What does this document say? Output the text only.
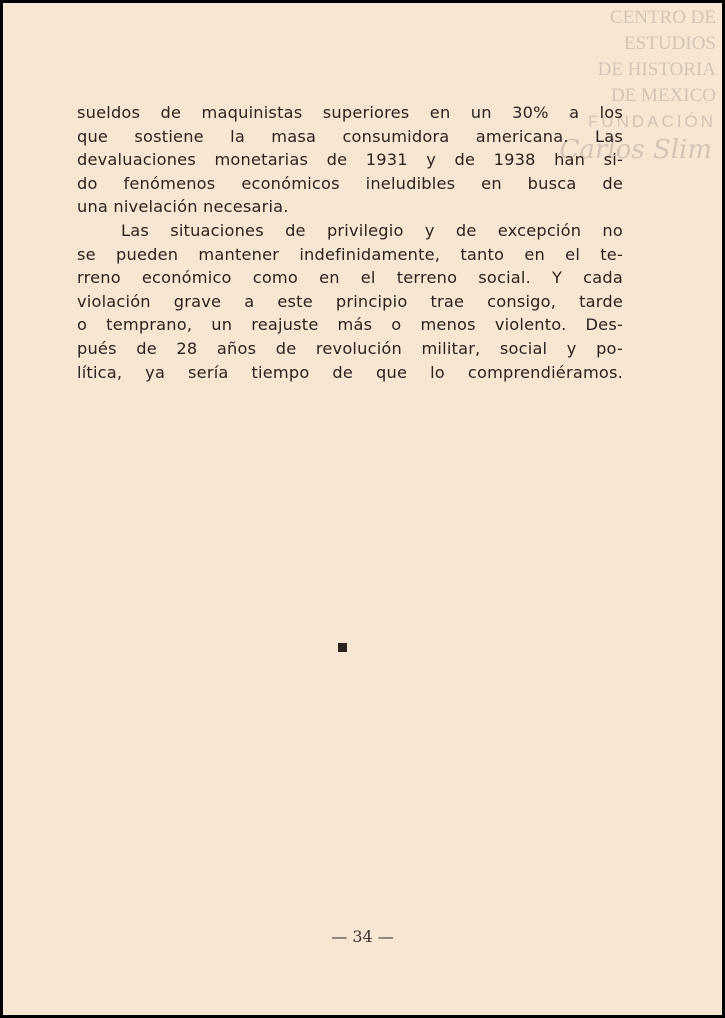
CENTRO DE
ESTUDIOS
DE HISTORIA
DE MEXICO
FUNDACIÓN
Carlos Slim
sueldos de maquinistas superiores en un 30% a los
que sostiene la masa consumidora americana. Las
devaluaciones monetarias de 1931 y de 1938 han si-
do fenómenos económicos ineludibles en busca de
una nivelación necesaria.
Las situaciones de privilegio y de excepción no
se pueden mantener indefinidamente, tanto en el te-
rreno económico como en el terreno social. Y cada
violación grave a este principio trae consigo, tarde
o temprano, un reajuste más o menos violento. Des-
pués de 28 años de revolución militar, social y po-
lítica, ya sería tiempo de que lo comprendiéramos.
— 34 —
